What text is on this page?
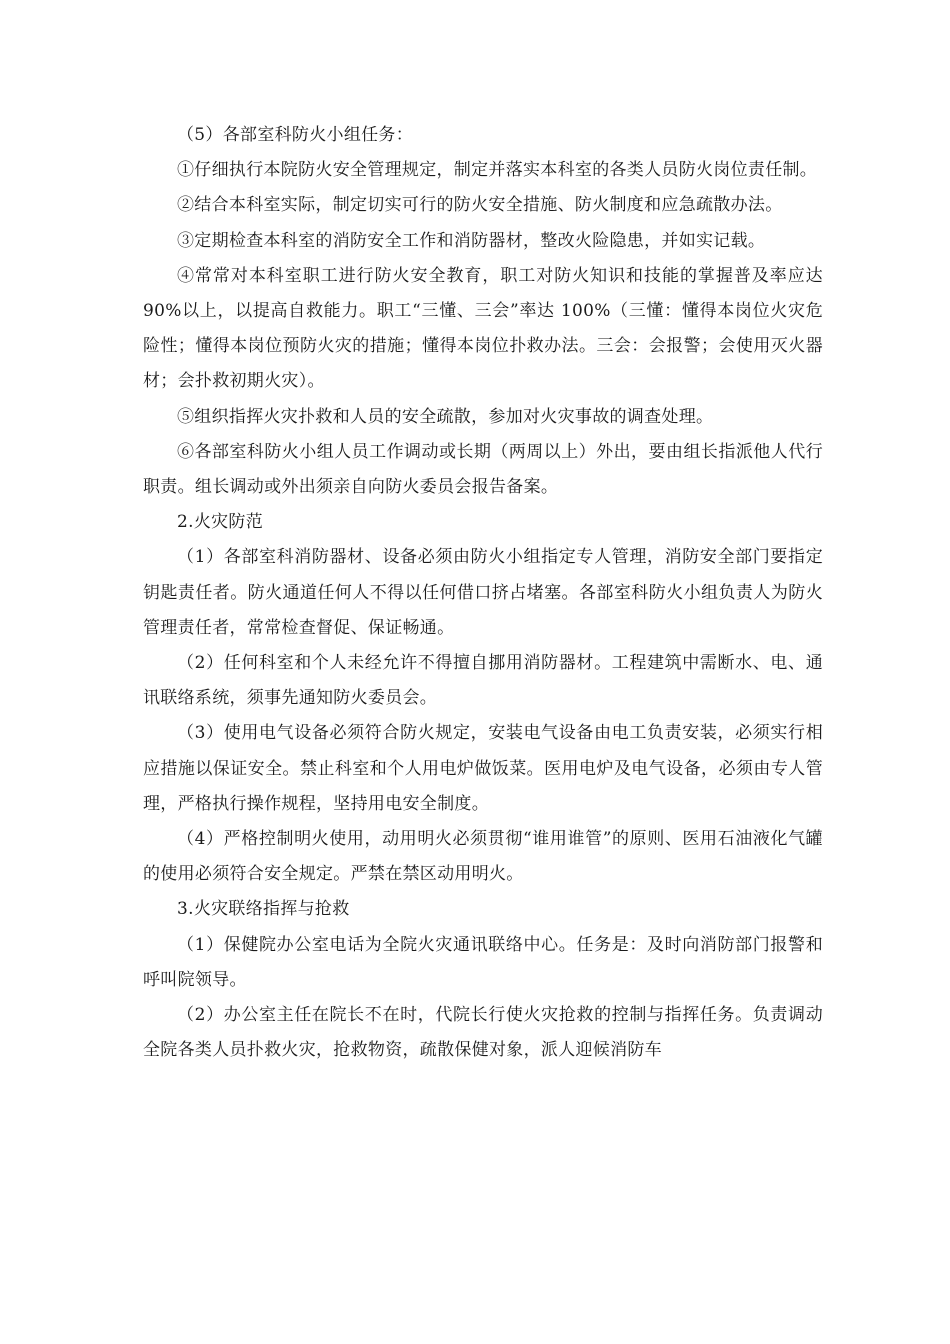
（5）各部室科防火小组任务：

①仔细执行本院防火安全管理规定，制定并落实本科室的各类人员防火岗位责任制。

②结合本科室实际，制定切实可行的防火安全措施、防火制度和应急疏散办法。

③定期检查本科室的消防安全工作和消防器材，整改火险隐患，并如实记载。

④常常对本科室职工进行防火安全教育，职工对防火知识和技能的掌握普及率应达 90%以上，以提高自救能力。职工“三懂、三会”率达 100%（三懂：懂得本岗位火灾危险性；懂得本岗位预防火灾的措施；懂得本岗位扑救办法。三会：会报警；会使用灭火器材；会扑救初期火灾）。

⑤组织指挥火灾扑救和人员的安全疏散，参加对火灾事故的调查处理。

⑥各部室科防火小组人员工作调动或长期（两周以上）外出，要由组长指派他人代行职责。组长调动或外出须亲自向防火委员会报告备案。

2.火灾防范

（1）各部室科消防器材、设备必须由防火小组指定专人管理，消防安全部门要指定钥匙责任者。防火通道任何人不得以任何借口挤占堵塞。各部室科防火小组负责人为防火管理责任者，常常检查督促、保证畅通。

（2）任何科室和个人未经允许不得擅自挪用消防器材。工程建筑中需断水、电、通讯联络系统，须事先通知防火委员会。

（3）使用电气设备必须符合防火规定，安装电气设备由电工负责安装，必须实行相应措施以保证安全。禁止科室和个人用电炉做饭菜。医用电炉及电气设备，必须由专人管理，严格执行操作规程，坚持用电安全制度。

（4）严格控制明火使用，动用明火必须贯彻“谁用谁管”的原则、医用石油液化气罐的使用必须符合安全规定。严禁在禁区动用明火。

3.火灾联络指挥与抢救

（1）保健院办公室电话为全院火灾通讯联络中心。任务是：及时向消防部门报警和呼叫院领导。

（2）办公室主任在院长不在时，代院长行使火灾抢救的控制与指挥任务。负责调动全院各类人员扑救火灾，抢救物资，疏散保健对象，派人迎候消防车
